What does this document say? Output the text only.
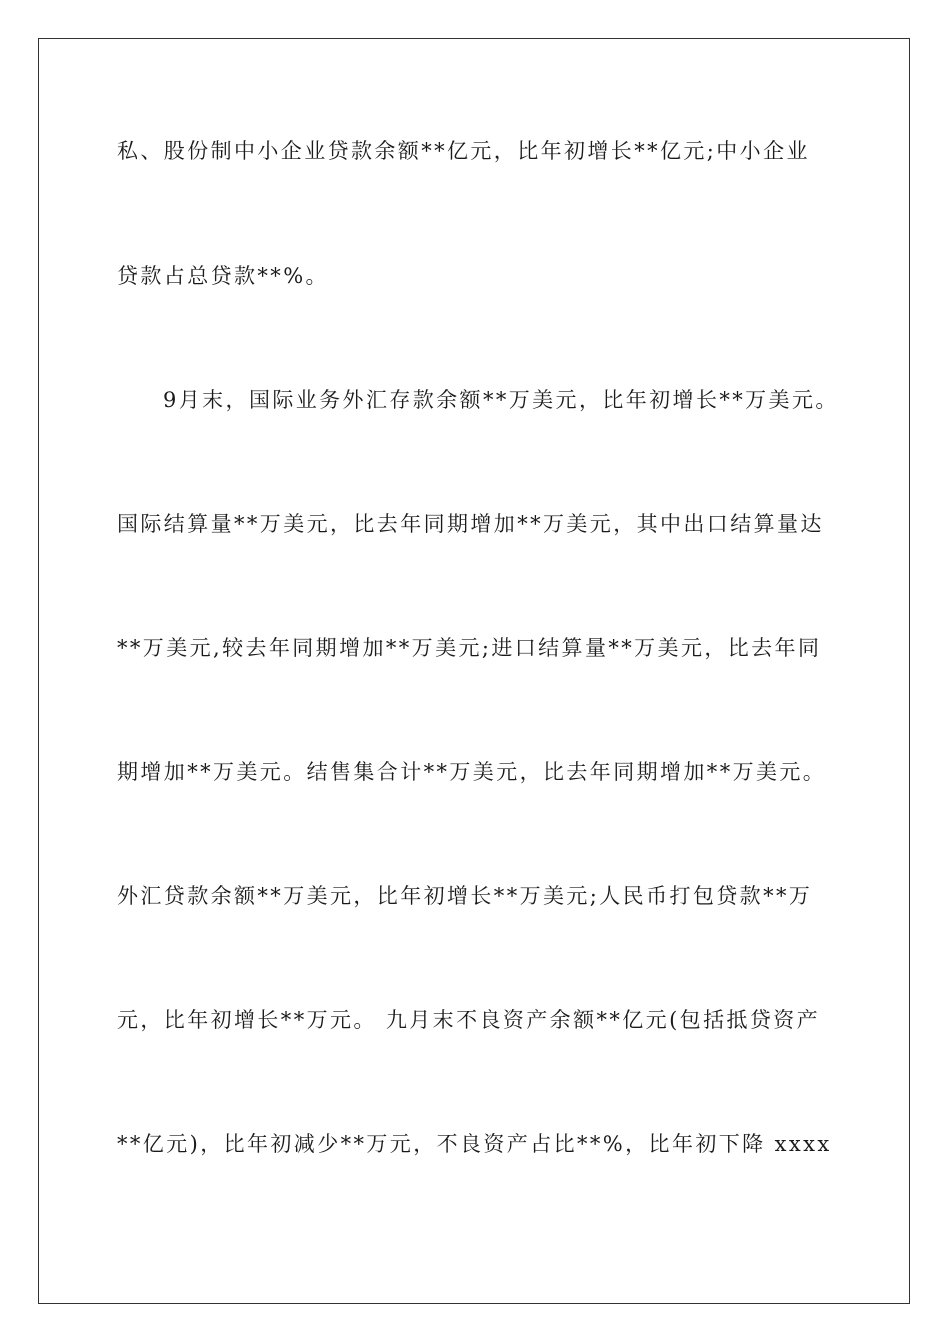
私、股份制中小企业贷款余额**亿元，比年初增长**亿元;中小企业
贷款占总贷款**%。
9月末，国际业务外汇存款余额**万美元，比年初增长**万美元。
国际结算量**万美元，比去年同期增加**万美元，其中出口结算量达
**万美元,较去年同期增加**万美元;进口结算量**万美元，比去年同
期增加**万美元。结售集合计**万美元，比去年同期增加**万美元。
外汇贷款余额**万美元，比年初增长**万美元;人民币打包贷款**万
元，比年初增长**万元。 九月末不良资产余额**亿元(包括抵贷资产
**亿元)，比年初减少**万元，不良资产占比**%，比年初下降 xxxx
